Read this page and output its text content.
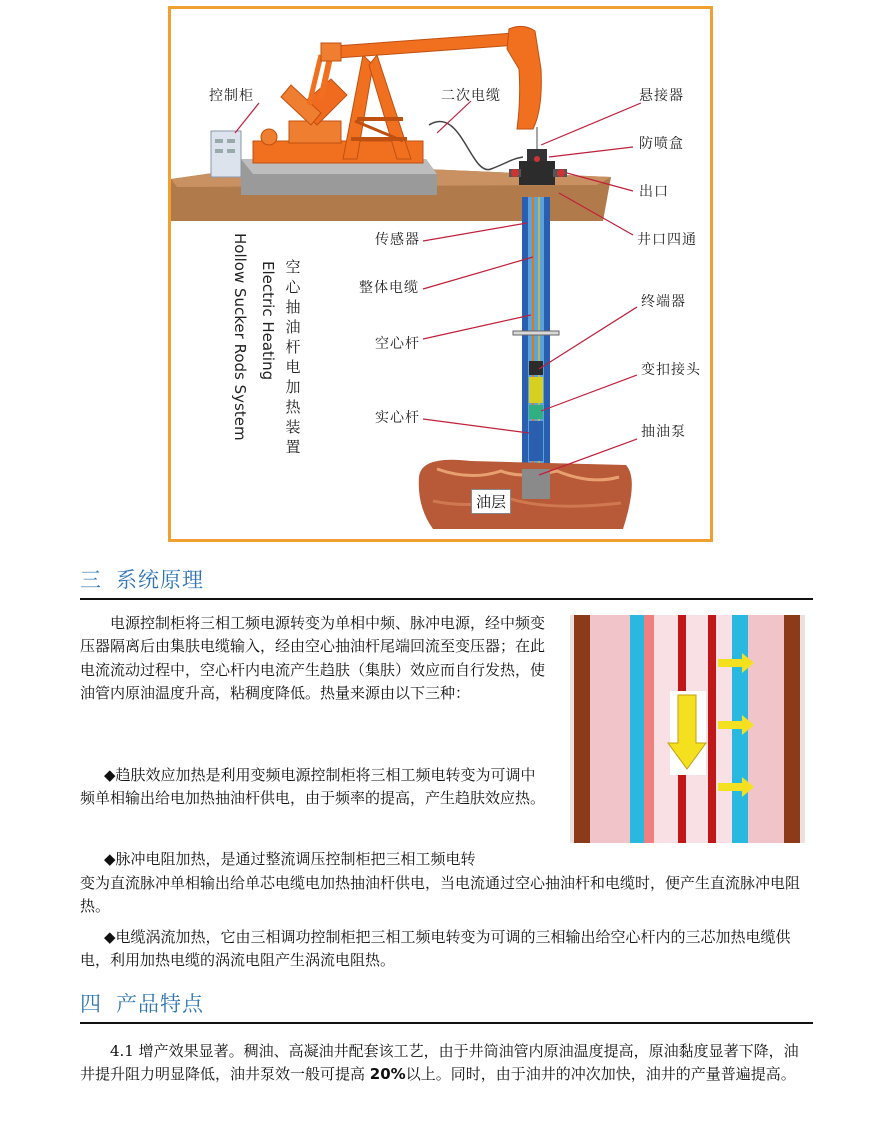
控制柜	二次电缆	悬接器
防喷盒
出口
井口四通
传感器
整体电缆
空心杆
终端器
变扣接头
实心杆
抽油泵
油层
空心抽油杆电加热装置
Electric Heating
Hollow Sucker Rods System
三 系统原理

电源控制柜将三相工频电源转变为单相中频、脉冲电源，经中频变压器隔离后由集肤电缆输入，经由空心抽油杆尾端回流至变压器；在此电流流动过程中，空心杆内电流产生趋肤（集肤）效应而自行发热，使油管内原油温度升高，粘稠度降低。热量来源由以下三种：

◆趋肤效应加热是利用变频电源控制柜将三相工频电转变为可调中频单相输出给电加热抽油杆供电，由于频率的提高，产生趋肤效应热。

◆脉冲电阻加热，是通过整流调压控制柜把三相工频电转

变为直流脉冲单相输出给单芯电缆电加热抽油杆供电，当电流通过空心抽油杆和电缆时，便产生直流脉冲电阻热。

◆电缆涡流加热，它由三相调功控制柜把三相工频电转变为可调的三相输出给空心杆内的三芯加热电缆供电，利用加热电缆的涡流电阻产生涡流电阻热。

四 产品特点

4.1 增产效果显著。稠油、高凝油井配套该工艺，由于井筒油管内原油温度提高，原油黏度显著下降，油井提升阻力明显降低，油井泵效一般可提高 20%以上。同时，由于油井的冲次加快，油井的产量普遍提高。
